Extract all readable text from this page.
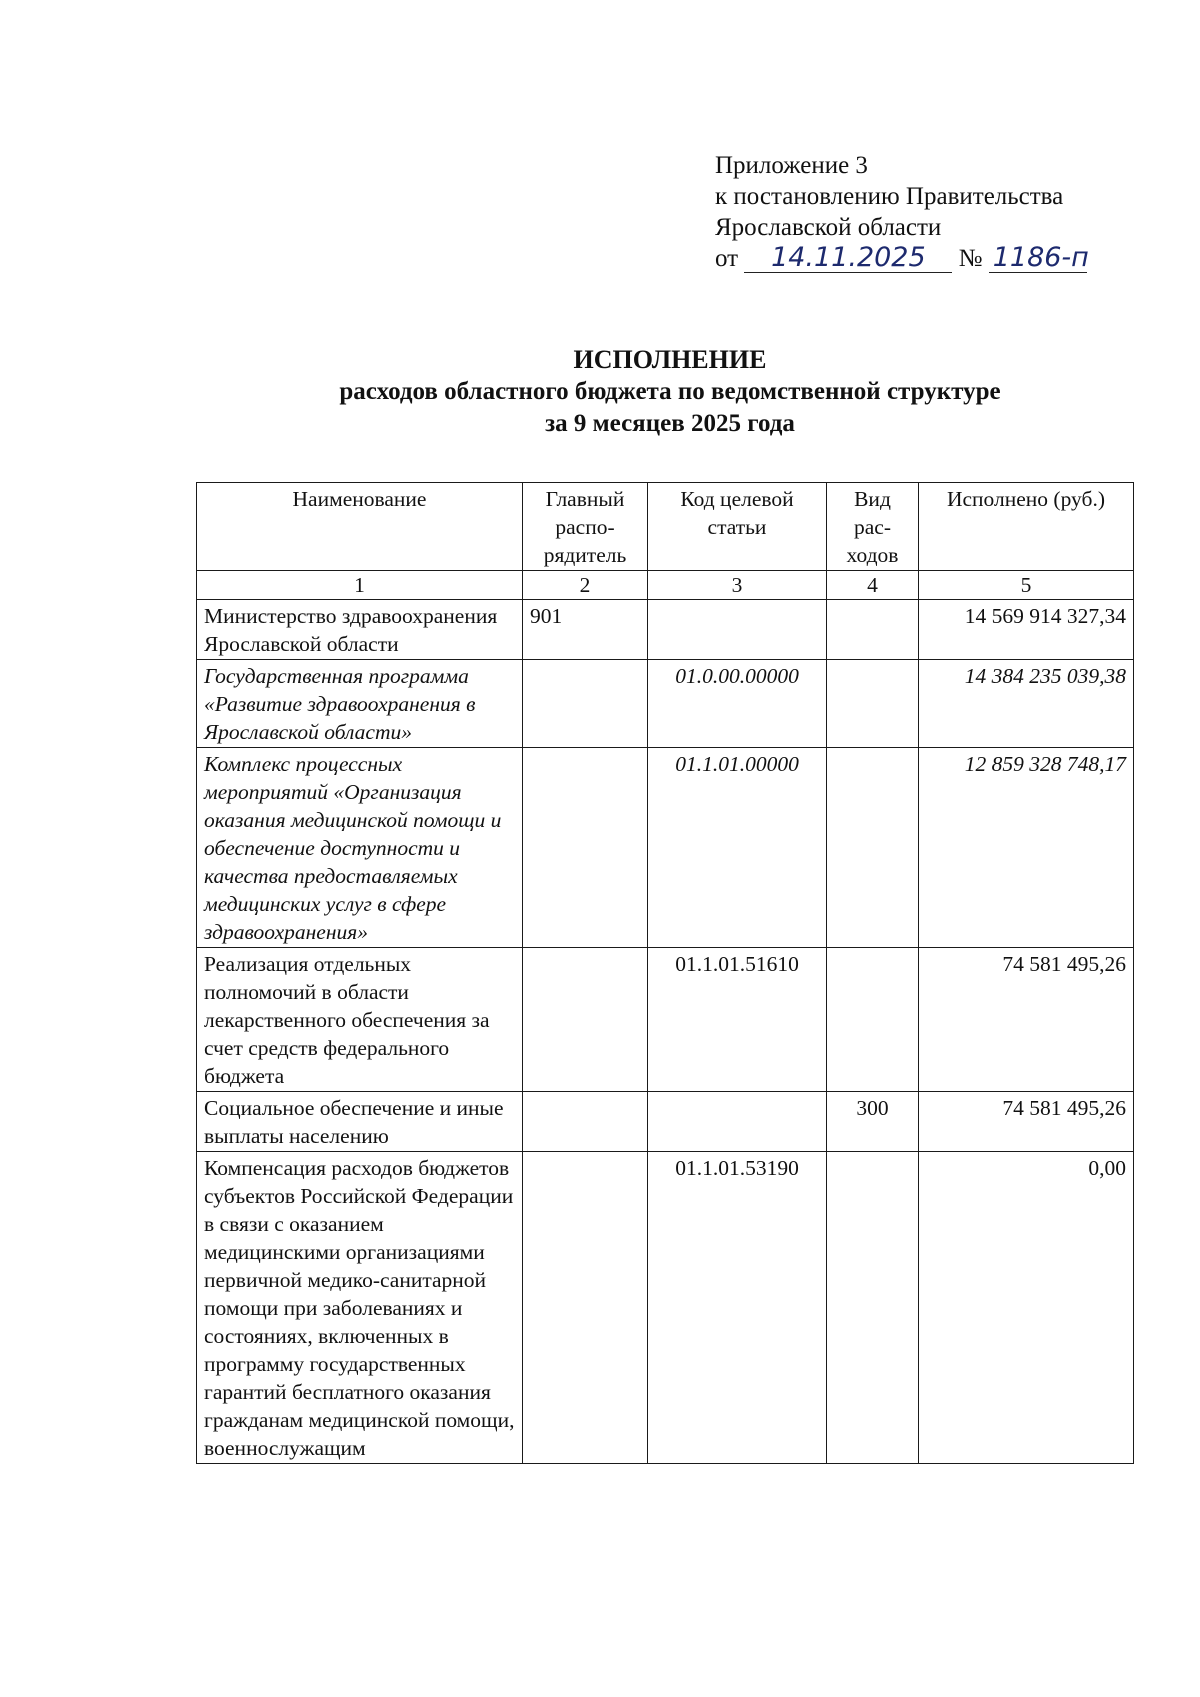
Приложение 3
к постановлению Правительства
Ярославской области
от 14.11.2025 № 1186-п
ИСПОЛНЕНИЕ
расходов областного бюджета по ведомственной структуре
за 9 месяцев 2025 года
Наименование	Главный распо-рядитель	Код целевой статьи	Вид рас-ходов	Исполнено (руб.)
1	2	3	4	5
Министерство здравоохранения Ярославской области	901			14 569 914 327,34
Государственная программа «Развитие здравоохранения в Ярославской области»		01.0.00.00000		14 384 235 039,38
Комплекс процессных мероприятий «Организация оказания медицинской помощи и обеспечение доступности и качества предоставляемых медицинских услуг в сфере здравоохранения»		01.1.01.00000		12 859 328 748,17
Реализация отдельных полномочий в области лекарственного обеспечения за счет средств федерального бюджета		01.1.01.51610		74 581 495,26
Социальное обеспечение и иные выплаты населению			300	74 581 495,26
Компенсация расходов бюджетов субъектов Российской Федерации в связи с оказанием медицинскими организациями первичной медико-санитарной помощи при заболеваниях и состояниях, включенных в программу государственных гарантий бесплатного оказания гражданам медицинской помощи, военнослужащим		01.1.01.53190		0,00
